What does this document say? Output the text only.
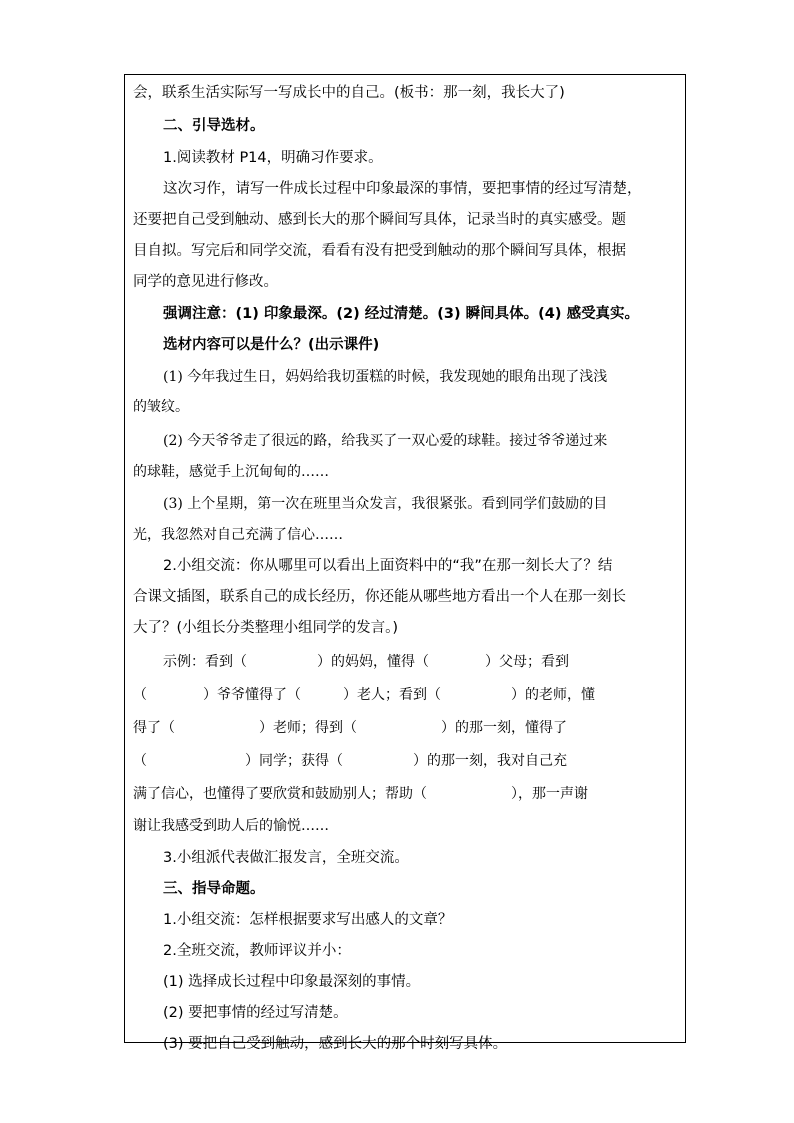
会，联系生活实际写一写成长中的自己。(板书：那一刻，我长大了)
二、引导选材。
1.阅读教材 P14，明确习作要求。
这次习作，请写一件成长过程中印象最深的事情，要把事情的经过写清楚，
还要把自己受到触动、感到长大的那个瞬间写具体，记录当时的真实感受。题
目自拟。写完后和同学交流，看看有没有把受到触动的那个瞬间写具体，根据
同学的意见进行修改。
强调注意：(1) 印象最深。(2) 经过清楚。(3) 瞬间具体。(4) 感受真实。
选材内容可以是什么？(出示课件)
(1) 今年我过生日，妈妈给我切蛋糕的时候，我发现她的眼角出现了浅浅
的皱纹。
(2) 今天爷爷走了很远的路，给我买了一双心爱的球鞋。接过爷爷递过来
的球鞋，感觉手上沉甸甸的……
(3) 上个星期，第一次在班里当众发言，我很紧张。看到同学们鼓励的目
光，我忽然对自己充满了信心……
2.小组交流：你从哪里可以看出上面资料中的“我”在那一刻长大了？结
合课文插图，联系自己的成长经历，你还能从哪些地方看出一个人在那一刻长
大了？(小组长分类整理小组同学的发言。)
示例：看到（　　　　　）的妈妈，懂得（　　　　）父母；看到
（　　　　）爷爷懂得了（　　　）老人；看到（　　　　　）的老师，懂
得了（　　　　　　）老师；得到（　　　　　　）的那一刻，懂得了
（　　　　　　　）同学；获得（　　　　　）的那一刻，我对自己充
满了信心，也懂得了要欣赏和鼓励别人；帮助（　　　　　　），那一声谢
谢让我感受到助人后的愉悦……
3.小组派代表做汇报发言，全班交流。
三、指导命题。
1.小组交流：怎样根据要求写出感人的文章？
2.全班交流，教师评议并小：
(1) 选择成长过程中印象最深刻的事情。
(2) 要把事情的经过写清楚。
(3) 要把自己受到触动，感到长大的那个时刻写具体。
